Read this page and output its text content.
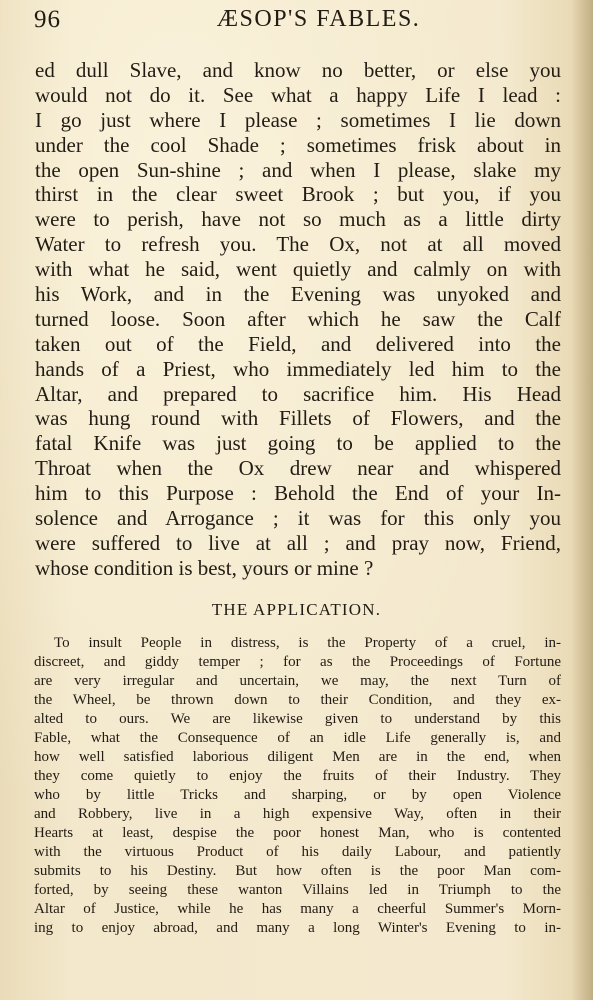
96	ÆSOP'S FABLES.
ed dull Slave, and know no better, or else you
would not do it. See what a happy Life I lead :
I go just where I please ; sometimes I lie down
under the cool Shade ; sometimes frisk about in
the open Sun-shine ; and when I please, slake my
thirst in the clear sweet Brook ; but you, if you
were to perish, have not so much as a little dirty
Water to refresh you. The Ox, not at all moved
with what he said, went quietly and calmly on with
his Work, and in the Evening was unyoked and
turned loose. Soon after which he saw the Calf
taken out of the Field, and delivered into the
hands of a Priest, who immediately led him to the
Altar, and prepared to sacrifice him. His Head
was hung round with Fillets of Flowers, and the
fatal Knife was just going to be applied to the
Throat when the Ox drew near and whispered
him to this Purpose : Behold the End of your In-
solence and Arrogance ; it was for this only you
were suffered to live at all ; and pray now, Friend,
whose condition is best, yours or mine ?
THE APPLICATION.
To insult People in distress, is the Property of a cruel, in-
discreet, and giddy temper ; for as the Proceedings of Fortune
are very irregular and uncertain, we may, the next Turn of
the Wheel, be thrown down to their Condition, and they ex-
alted to ours. We are likewise given to understand by this
Fable, what the Consequence of an idle Life generally is, and
how well satisfied laborious diligent Men are in the end, when
they come quietly to enjoy the fruits of their Industry. They
who by little Tricks and sharping, or by open Violence
and Robbery, live in a high expensive Way, often in their
Hearts at least, despise the poor honest Man, who is contented
with the virtuous Product of his daily Labour, and patiently
submits to his Destiny. But how often is the poor Man com-
forted, by seeing these wanton Villains led in Triumph to the
Altar of Justice, while he has many a cheerful Summer's Morn-
ing to enjoy abroad, and many a long Winter's Evening to in-
